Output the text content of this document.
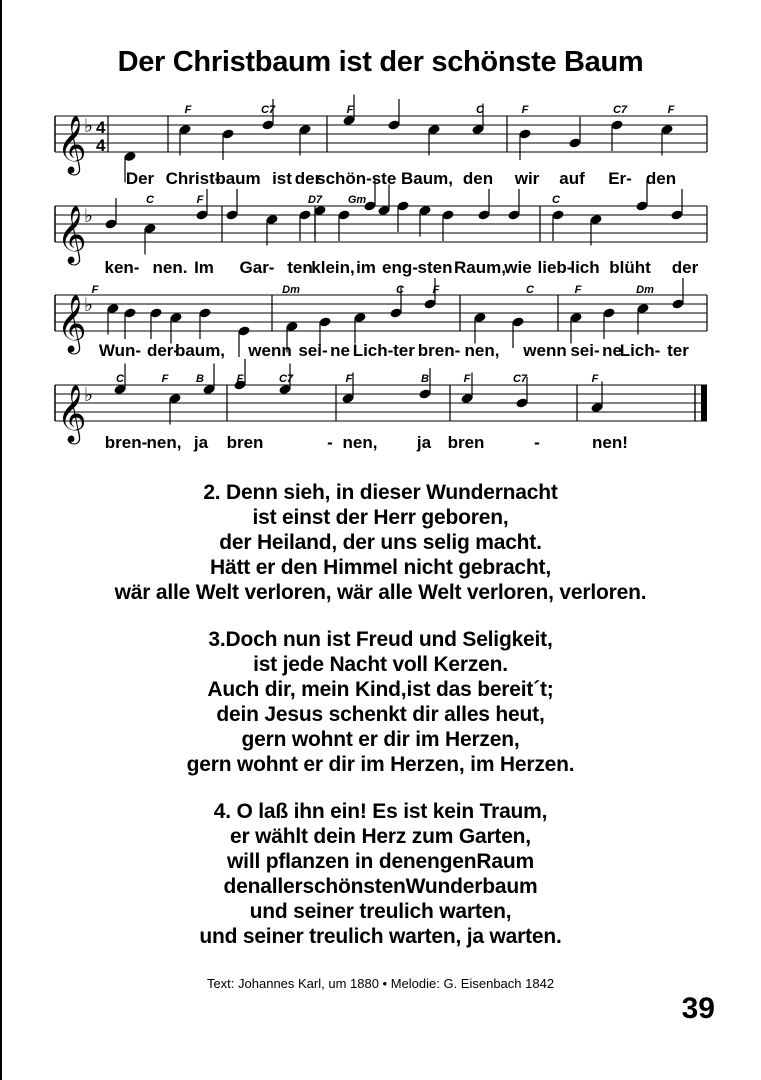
Der Christbaum ist der schönste Baum
𝄞
♭ 4
4
F	C7	F	C	F	C7	F
Der Christ-
baum ist der
schön- ste Baum, den wir auf Er- den
𝄞
♭
C	F	D7 Gm	C
ken- nen. Im Gar- ten
klein, im eng- sten Raum,
wie lieb-
lich blüht der
𝄞
♭
F	Dm	C	F	C	F	Dm
Wun- der-
baum, wenn sei- ne Lich- ter bren- nen, wenn sei- ne
Lich- ter
𝄞
♭
C	F	B	F	C7	F	B	F	C7	F
bren- nen, ja bren	- nen, ja bren	-	nen!
2. Denn sieh, in dieser Wundernacht
ist einst der Herr geboren,
der Heiland, der uns selig macht.
Hätt er den Himmel nicht gebracht,
wär alle Welt verloren, wär alle Welt verloren, verloren.
3.Doch nun ist Freud und Seligkeit,
ist jede Nacht voll Kerzen.
Auch dir, mein Kind,ist das bereit´t;
dein Jesus schenkt dir alles heut,
gern wohnt er dir im Herzen,
gern wohnt er dir im Herzen, im Herzen.
4. O laß ihn ein! Es ist kein Traum,
er wählt dein Herz zum Garten,
will pflanzen in denengenRaum
denallerschönstenWunderbaum
und seiner treulich warten,
und seiner treulich warten, ja warten.
Text: Johannes Karl, um 1880 • Melodie: G. Eisenbach 1842
39
